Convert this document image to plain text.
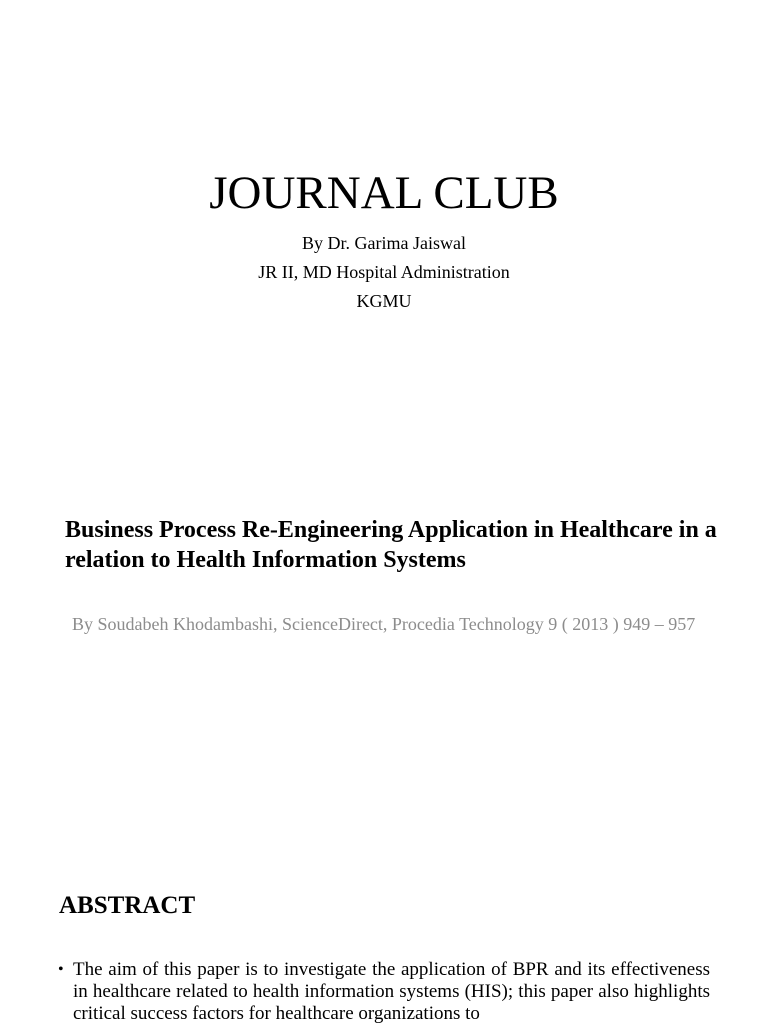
JOURNAL CLUB
By Dr. Garima Jaiswal
JR II, MD Hospital Administration
KGMU
Business Process Re-Engineering Application in Healthcare in a relation to Health Information Systems
By Soudabeh Khodambashi, ScienceDirect, Procedia Technology 9 ( 2013 ) 949 – 957
ABSTRACT
• The aim of this paper is to investigate the application of BPR and its effectiveness in healthcare related to health information systems (HIS); this paper also highlights critical success factors for healthcare organizations to
